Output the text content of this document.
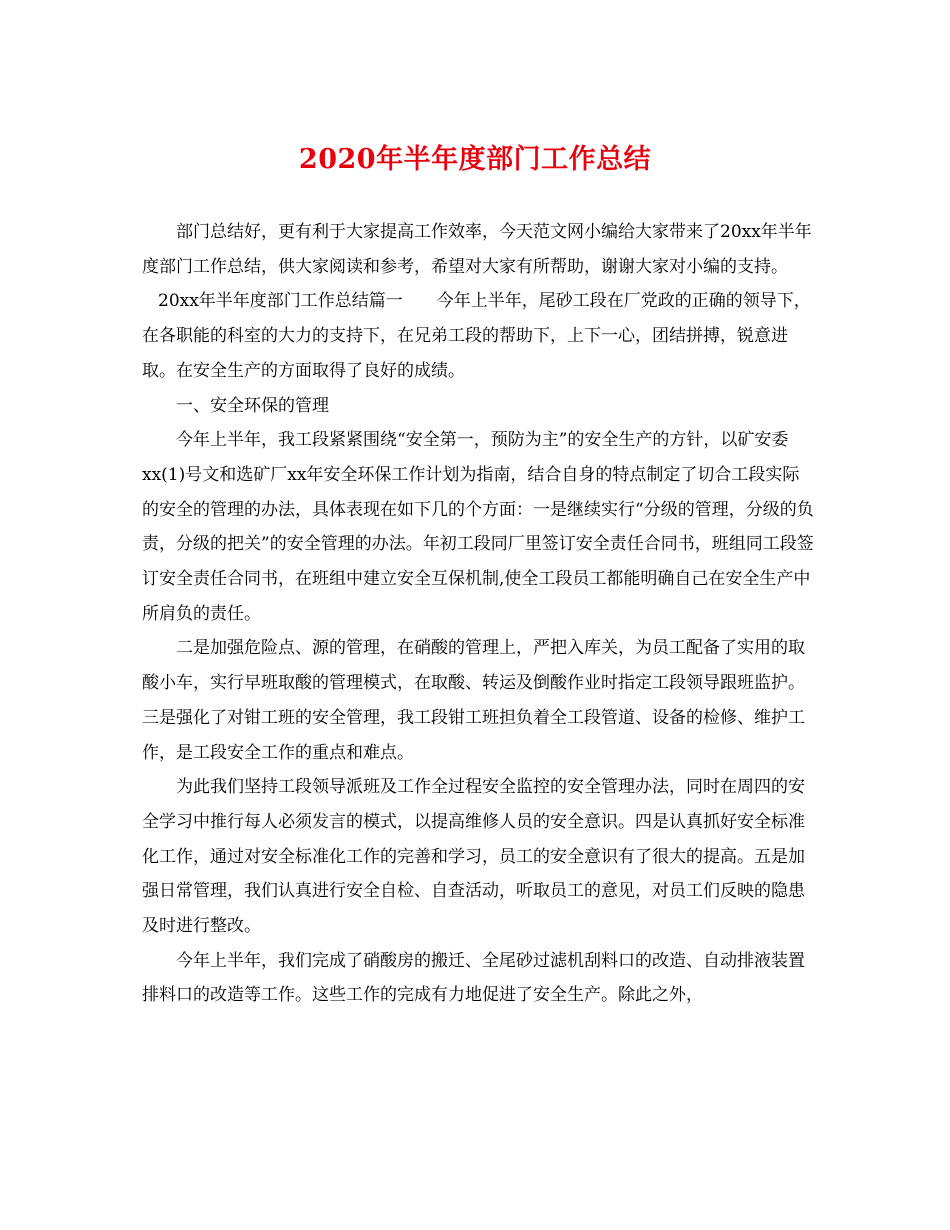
2020年半年度部门工作总结

部门总结好，更有利于大家提高工作效率，今天范文网小编给大家带来了20xx年半年度部门工作总结，供大家阅读和参考，希望对大家有所帮助，谢谢大家对小编的支持。

20xx年半年度部门工作总结篇一　　今年上半年，尾砂工段在厂党政的正确的领导下，在各职能的科室的大力的支持下，在兄弟工段的帮助下，上下一心，团结拼搏，锐意进取。在安全生产的方面取得了良好的成绩。

一、安全环保的管理

今年上半年，我工段紧紧围绕“安全第一，预防为主”的安全生产的方针，以矿安委xx(1)号文和选矿厂xx年安全环保工作计划为指南，结合自身的特点制定了切合工段实际的安全的管理的办法，具体表现在如下几的个方面：一是继续实行“分级的管理，分级的负责，分级的把关”的安全管理的办法。年初工段同厂里签订安全责任合同书，班组同工段签订安全责任合同书，在班组中建立安全互保机制,使全工段员工都能明确自己在安全生产中所肩负的责任。

二是加强危险点、源的管理，在硝酸的管理上，严把入库关，为员工配备了实用的取酸小车，实行早班取酸的管理模式，在取酸、转运及倒酸作业时指定工段领导跟班监护。三是强化了对钳工班的安全管理，我工段钳工班担负着全工段管道、设备的检修、维护工作，是工段安全工作的重点和难点。

为此我们坚持工段领导派班及工作全过程安全监控的安全管理办法，同时在周四的安全学习中推行每人必须发言的模式，以提高维修人员的安全意识。四是认真抓好安全标准化工作，通过对安全标准化工作的完善和学习，员工的安全意识有了很大的提高。五是加强日常管理，我们认真进行安全自检、自查活动，听取员工的意见，对员工们反映的隐患及时进行整改。

今年上半年，我们完成了硝酸房的搬迁、全尾砂过滤机刮料口的改造、自动排液装置排料口的改造等工作。这些工作的完成有力地促进了安全生产。除此之外，
